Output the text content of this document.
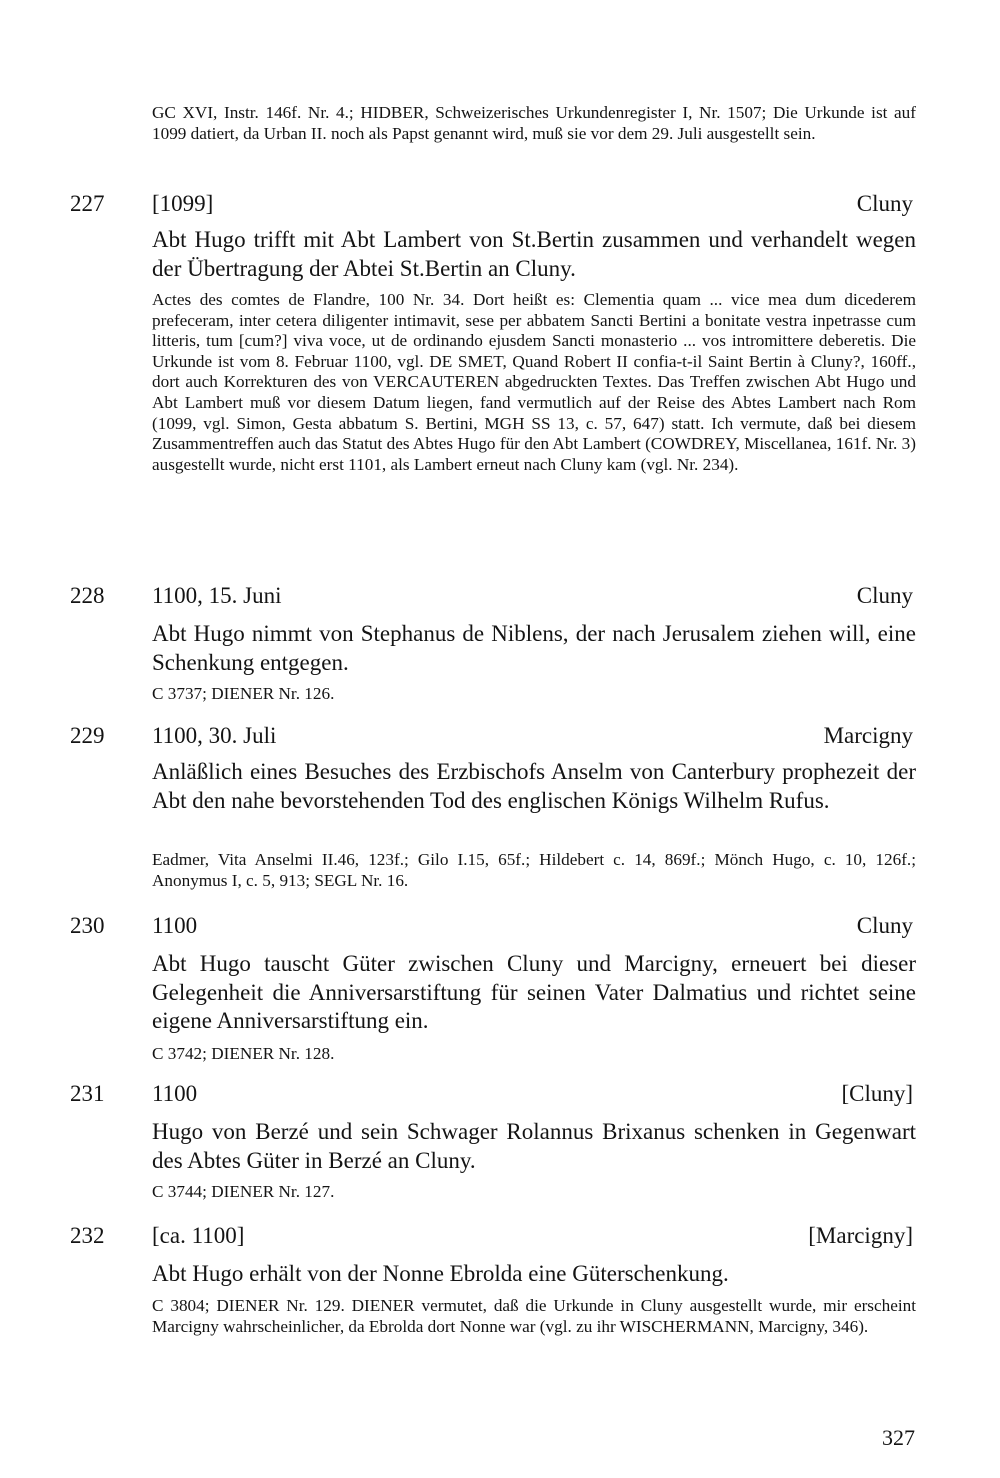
GC XVI, Instr. 146f. Nr. 4.; HIDBER, Schweizerisches Urkundenregister I, Nr. 1507; Die Urkunde ist auf 1099 datiert, da Urban II. noch als Papst genannt wird, muß sie vor dem 29. Juli ausgestellt sein.
227 [1099]	Cluny
Abt Hugo trifft mit Abt Lambert von St.Bertin zusammen und verhandelt wegen der Übertragung der Abtei St.Bertin an Cluny.
Actes des comtes de Flandre, 100 Nr. 34. Dort heißt es: Clementia quam ... vice mea dum dicederem prefeceram, inter cetera diligenter intimavit, sese per abbatem Sancti Bertini a bonitate vestra inpetrasse cum litteris, tum [cum?] viva voce, ut de ordinando ejusdem Sancti monasterio ... vos intromittere deberetis. Die Urkunde ist vom 8. Februar 1100, vgl. DE SMET, Quand Robert II confia-t-il Saint Bertin à Cluny?, 160ff., dort auch Korrekturen des von VERCAUTEREN abgedruckten Textes. Das Treffen zwischen Abt Hugo und Abt Lambert muß vor diesem Datum liegen, fand vermutlich auf der Reise des Abtes Lambert nach Rom (1099, vgl. Simon, Gesta abbatum S. Bertini, MGH SS 13, c. 57, 647) statt. Ich vermute, daß bei diesem Zusammentreffen auch das Statut des Abtes Hugo für den Abt Lambert (COWDREY, Miscellanea, 161f. Nr. 3) ausgestellt wurde, nicht erst 1101, als Lambert erneut nach Cluny kam (vgl. Nr. 234).
228 1100, 15. Juni	Cluny
Abt Hugo nimmt von Stephanus de Niblens, der nach Jerusalem ziehen will, eine Schenkung entgegen.
C 3737; DIENER Nr. 126.
229 1100, 30. Juli	Marcigny
Anläßlich eines Besuches des Erzbischofs Anselm von Canterbury prophezeit der Abt den nahe bevorstehenden Tod des englischen Königs Wilhelm Rufus.
Eadmer, Vita Anselmi II.46, 123f.; Gilo I.15, 65f.; Hildebert c. 14, 869f.; Mönch Hugo, c. 10, 126f.; Anonymus I, c. 5, 913; SEGL Nr. 16.
230 1100	Cluny
Abt Hugo tauscht Güter zwischen Cluny und Marcigny, erneuert bei dieser Gelegenheit die Anniversarstiftung für seinen Vater Dalmatius und richtet seine eigene Anniversarstiftung ein.
C 3742; DIENER Nr. 128.
231 1100	[Cluny]
Hugo von Berzé und sein Schwager Rolannus Brixanus schenken in Gegenwart des Abtes Güter in Berzé an Cluny.
C 3744; DIENER Nr. 127.
232 [ca. 1100]	[Marcigny]
Abt Hugo erhält von der Nonne Ebrolda eine Güterschenkung.
C 3804; DIENER Nr. 129. DIENER vermutet, daß die Urkunde in Cluny ausgestellt wurde, mir erscheint Marcigny wahrscheinlicher, da Ebrolda dort Nonne war (vgl. zu ihr WISCHERMANN, Marcigny, 346).
327
